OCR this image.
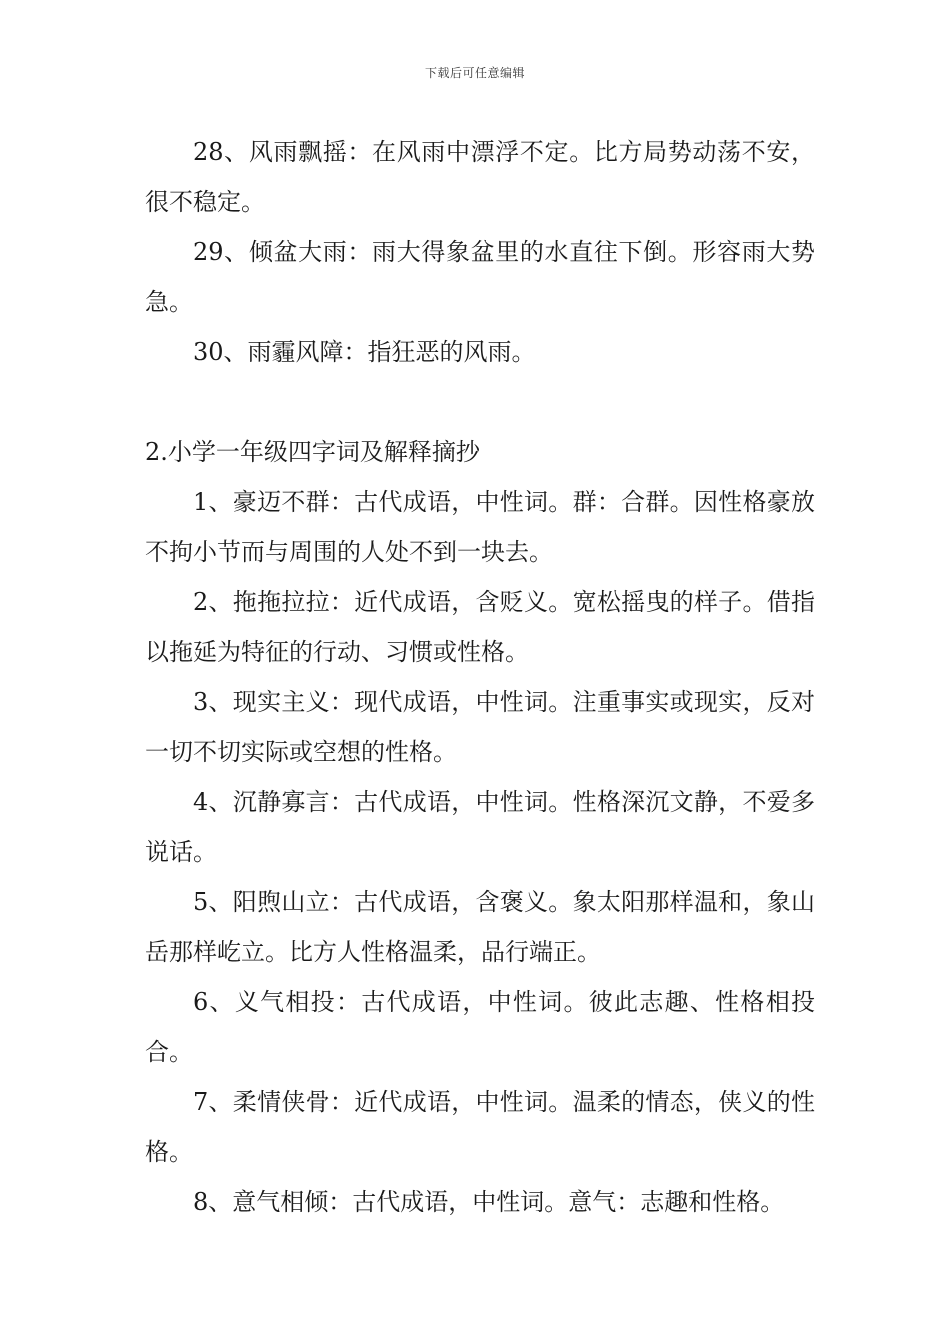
下载后可任意编辑

28、风雨飘摇：在风雨中漂浮不定。比方局势动荡不安，很不稳定。

29、倾盆大雨：雨大得象盆里的水直往下倒。形容雨大势急。

30、雨霾风障：指狂恶的风雨。

2.小学一年级四字词及解释摘抄

1、豪迈不群：古代成语，中性词。群：合群。因性格豪放不拘小节而与周围的人处不到一块去。

2、拖拖拉拉：近代成语，含贬义。宽松摇曳的样子。借指以拖延为特征的行动、习惯或性格。

3、现实主义：现代成语，中性词。注重事实或现实，反对一切不切实际或空想的性格。

4、沉静寡言：古代成语，中性词。性格深沉文静，不爱多说话。

5、阳煦山立：古代成语，含褒义。象太阳那样温和，象山岳那样屹立。比方人性格温柔，品行端正。

6、义气相投：古代成语，中性词。彼此志趣、性格相投合。

7、柔情侠骨：近代成语，中性词。温柔的情态，侠义的性格。

8、意气相倾：古代成语，中性词。意气：志趣和性格。
